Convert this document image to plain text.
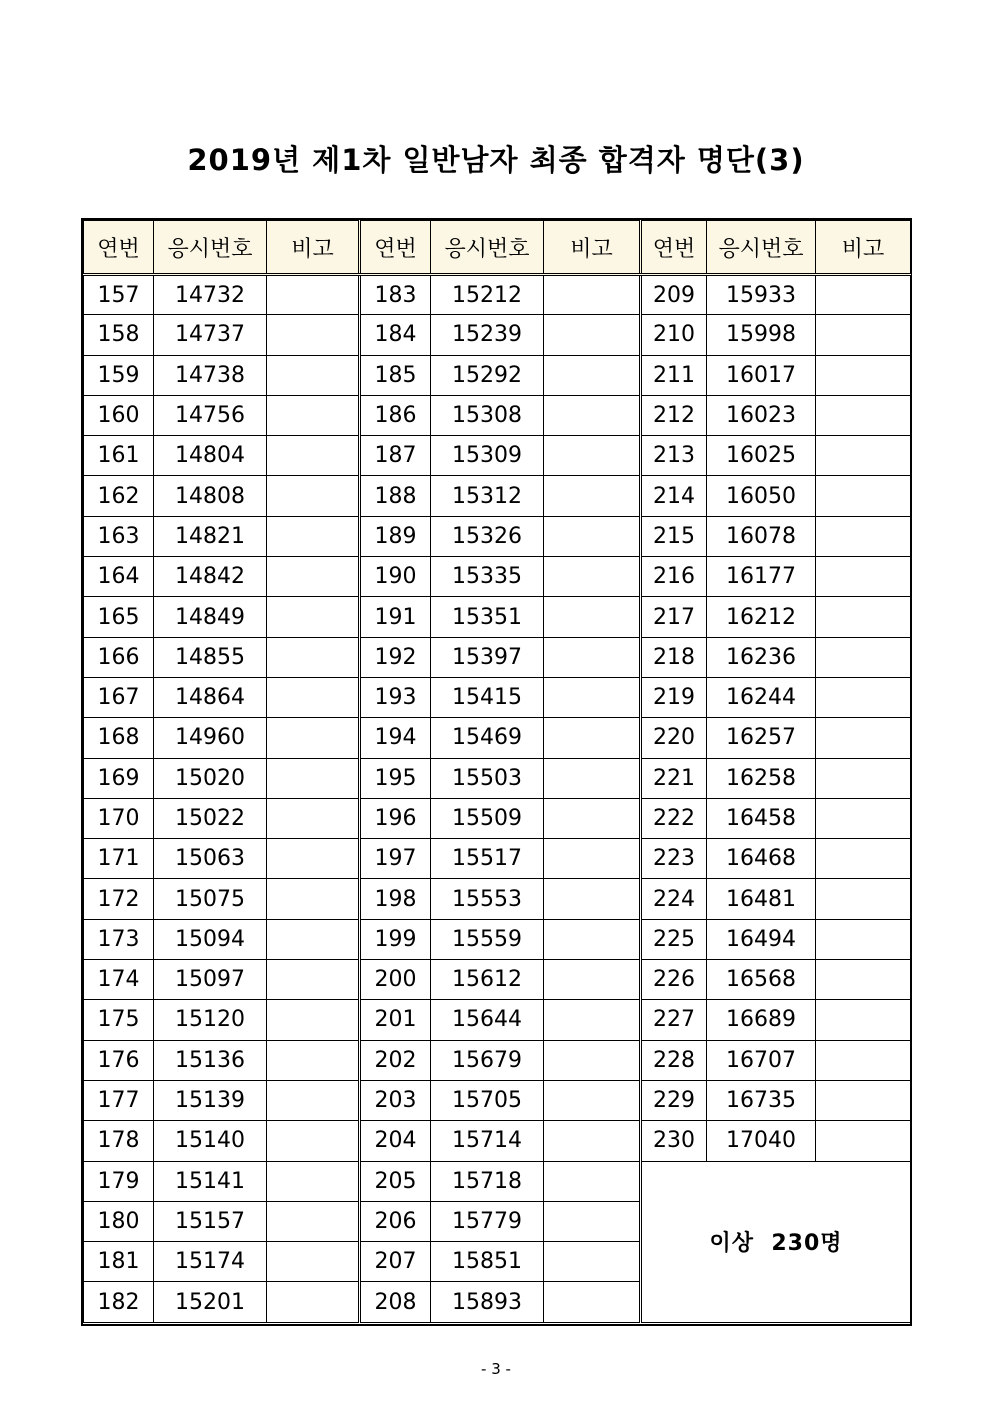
2019년 제1차 일반남자 최종 합격자 명단(3)
연번	응시번호	비고	연번	응시번호	비고	연번	응시번호	비고
157	14732		183	15212		209	15933	
158	14737		184	15239		210	15998	
159	14738		185	15292		211	16017	
160	14756		186	15308		212	16023	
161	14804		187	15309		213	16025	
162	14808		188	15312		214	16050	
163	14821		189	15326		215	16078	
164	14842		190	15335		216	16177	
165	14849		191	15351		217	16212	
166	14855		192	15397		218	16236	
167	14864		193	15415		219	16244	
168	14960		194	15469		220	16257	
169	15020		195	15503		221	16258	
170	15022		196	15509		222	16458	
171	15063		197	15517		223	16468	
172	15075		198	15553		224	16481	
173	15094		199	15559		225	16494	
174	15097		200	15612		226	16568	
175	15120		201	15644		227	16689	
176	15136		202	15679		228	16707	
177	15139		203	15705		229	16735	
178	15140		204	15714		230	17040	
179	15141		205	15718		이상  230명		
180	15157		206	15779				
181	15174		207	15851				
182	15201		208	15893				
- 3 -
